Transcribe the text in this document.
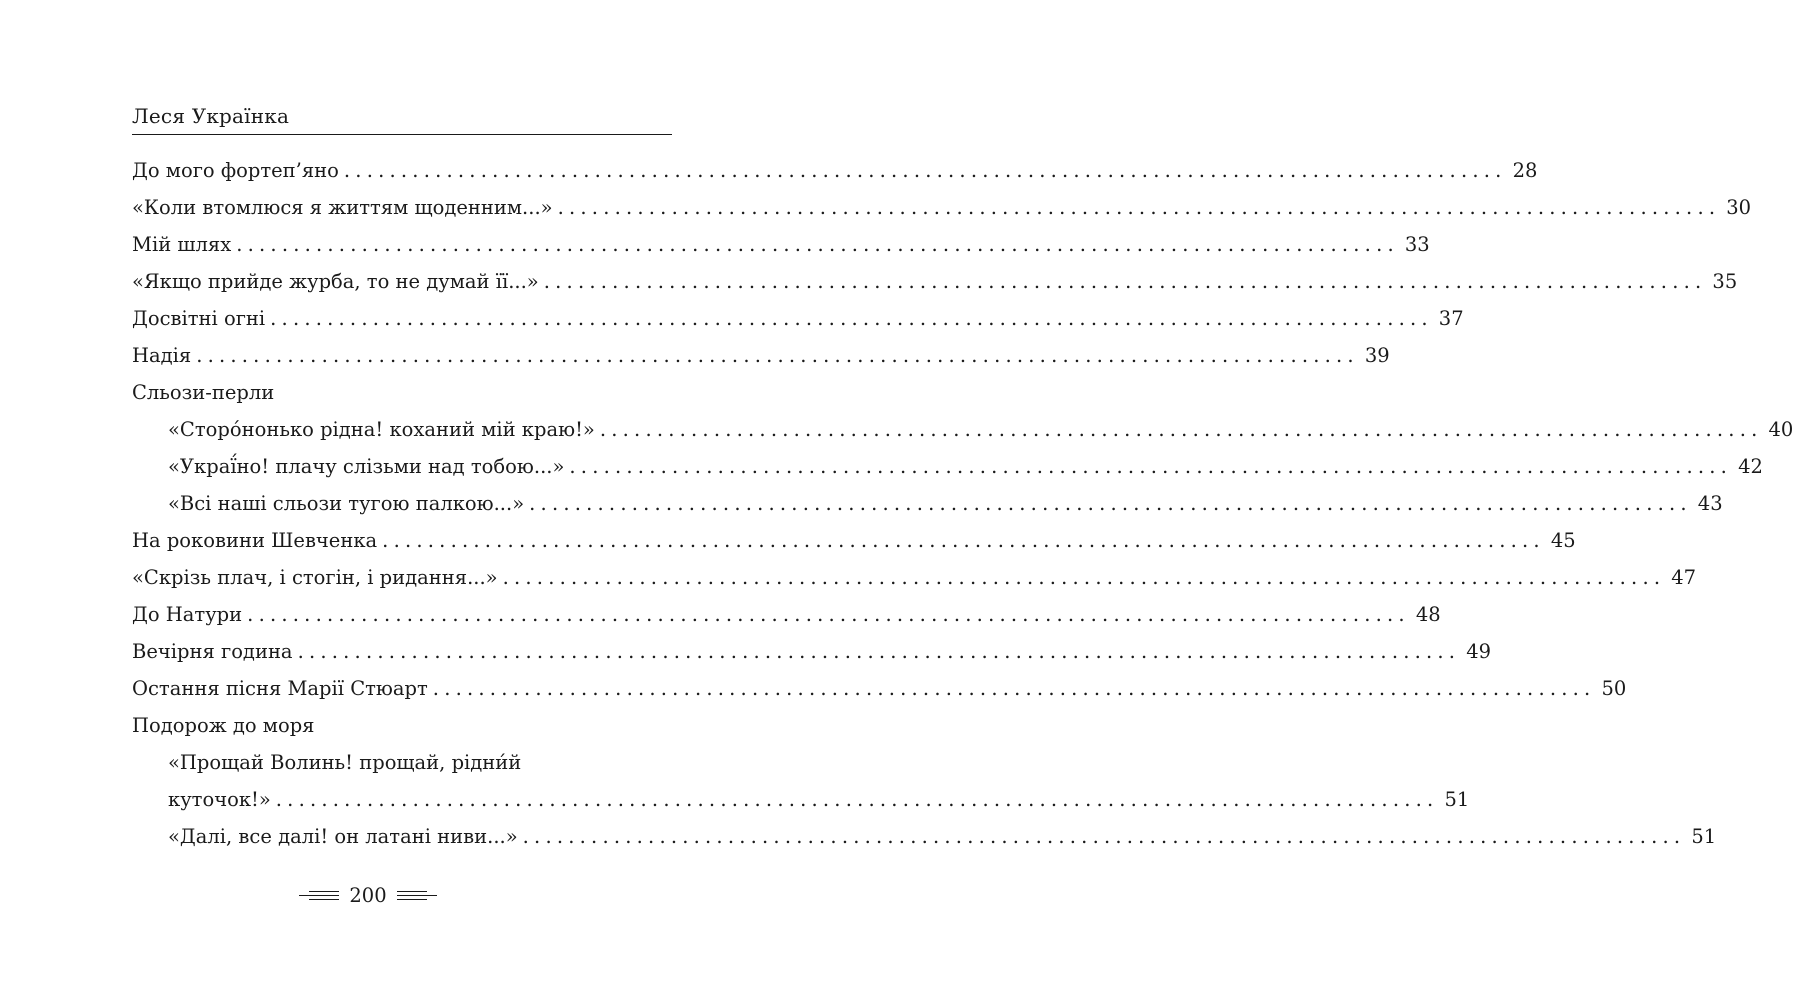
Леся Українка
До мого фортеп’яно ...................................................................................................... 28
«Коли втомлюся я життям щоденним...» ...................................................................................................... 30
Мій шлях ...................................................................................................... 33
«Якщо прийде журба, то не думай її...» ...................................................................................................... 35
Досвітні огні ...................................................................................................... 37
Надія ...................................................................................................... 39
Сльози-перли
«Сторóнонько рідна! коханий мій краю!» ...................................................................................................... 40
«Украї́но! плачу слізьми над тобою...» ...................................................................................................... 42
«Всі наші сльози тугою палкою...» ...................................................................................................... 43
На роковини Шевченка ...................................................................................................... 45
«Скрізь плач, і стогін, і ридання...» ...................................................................................................... 47
До Натури ...................................................................................................... 48
Вечірня година ...................................................................................................... 49
Остання пісня Марії Стюарт ...................................................................................................... 50
Подорож до моря
«Прощай Волинь! прощай, рідни́й
куточок!» ...................................................................................................... 51
«Далі, все далі! он латані ниви...» ...................................................................................................... 51
200
